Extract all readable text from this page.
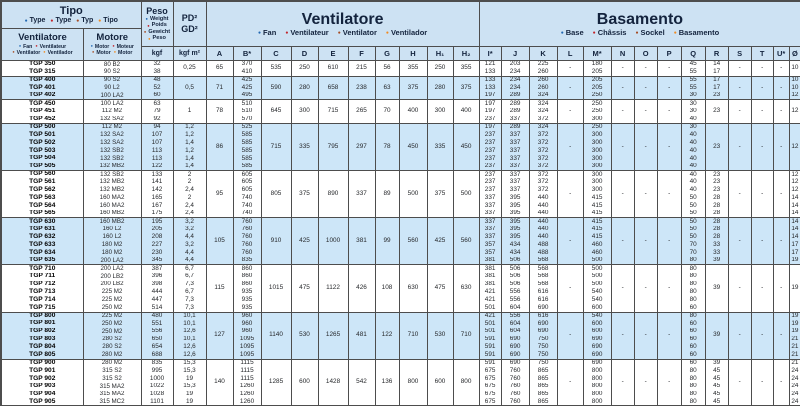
Tipo
● Type ● Type ● Typ ● Tipo
Ventilatore
● Fan ● Ventilateur
● Ventilator ● Ventilador
Motore
● Motor ● Moteur
● Motor ● Motor

Peso
● Weight
● Poids
● Gewicht
● Peso

PD²
GD²

Ventilatore
● Fan ● Ventilateur ● Ventilator ● Ventilador

Basamento
● Base ● Châssis ● Sockel ● Basamento

		kgf	kgf m²	A	B*	C	D	E	F	G	H	H₁	H₂	I*	J	K	L	M*	N	O	P	Q	R	S	T	U*	Ø
TGP 350	80 B2	32	0,25	65	370	535	250	610	215	56	355	250	355	121	203	225	-	180	-	-	-	45	14	-	-	-	10
TGP 315	90 S2	38			410									133	234	260		205				55	17				
TGP 400	90 S2	48	0,5	71	425	590	280	658	238	63	375	280	375	133	234	260	-	205	-	-	-	55	17	-	-	-	10
TGP 401	90 L2	52			425									133	234	260		205				55	17				10
TGP 402	100 LA2	60			495									197	289	324		250				30	23				12
TGP 450	100 LA2	63	1	78	510	645	300	715	265	70	400	300	400	197	289	324	-	250	-	-	-	30	23	-	-	-	12
TGP 451	112 M2	79			510									197	289	324		250				30					
TGP 452	132 SA2	92			570									237	337	372		300				40					
TGP 500	112 M2	94	1,2	86	525	715	335	795	297	78	450	335	450	197	289	324	-	250	-	-	-	30	23	-	-	-	12
TGP 501	132 SA2	107	1,2		585									237	337	372		300				40					
TGP 502	132 SA2	107	1,4		585									237	337	372		300				40					
TGP 503	132 SB2	113	1,2		585									237	337	372		300				40					
TGP 504	132 SB2	113	1,4		585									237	337	372		300				40					
TGP 505	132 MB2	122	1,4		585									237	337	372		300				40					
TGP 560	132 SB2	133	2	95	605	805	375	890	337	89	500	375	500	237	337	372	-	300	-	-	-	40	23	-	-	-	12
TGP 561	132 MB2	141	2		605									237	337	372		300				40	23				12
TGP 562	132 MB2	142	2,4		605									237	337	372		300				40	23				12
TGP 563	160 MA2	165	2		740									337	395	440		415				50	28				14
TGP 564	160 MA2	167	2,4		740									337	395	440		415				50	28				14
TGP 565	160 MB2	175	2,4		740									337	395	440		415				50	28				14
TGP 630	160 MB2	195	3,2	105	760	910	425	1000	381	99	560	425	560	337	395	440	-	415	-	-	-	50	28	-	-	-	14
TGP 631	160 L2	205	3,2		760									337	395	440		415				50	28				14
TGP 632	160 L2	208	4,4		760									337	395	440		415				50	28				14
TGP 633	180 M2	227	3,2		760									357	434	488		460				70	33				17
TGP 634	180 M2	230	4,4		760									357	434	488		460				70	33				17
TGP 635	200 LA2	345	4,4		835									381	506	568		500				80	39				19
TGP 710	200 LA2	387	6,7	115	860	1015	475	1122	426	108	630	475	630	381	506	568	-	500	-	-	-	80	39	-	-	-	19
TGP 711	200 LB2	396	6,7		860									381	506	568		500				80					
TGP 712	200 LB2	398	7,3		860									381	506	568		500				80					
TGP 713	225 M2	444	6,7		935									421	556	616		540				80					
TGP 714	225 M2	447	7,3		935									421	556	616		540				80					
TGP 715	250 M2	514	7,3		935									501	604	690		600				60					
TGP 800	225 M2	480	10,1	127	960	1140	530	1265	481	122	710	530	710	421	556	616	-	540	-	-	-	80	39	-	-	-	19
TGP 801	250 M2	551	10,1		960									501	604	690		600				60					19
TGP 802	250 M2	556	12,6		960									501	604	690		600				60					19
TGP 803	280 S2	650	10,1		1095									591	690	750		690				60					21
TGP 804	280 S2	654	12,6		1095									591	690	750		690				60					21
TGP 805	280 M2	688	12,6		1095									591	690	750		690				60					21
TGP 900	280 M2	835	15,3	140	1115	1285	600	1428	542	136	800	600	800	591	690	750	-	690	-	-	-	60	39	-	-	-	21
TGP 901	315 S2	995	15,3		1115									675	760	865		800				80	45				24
TGP 902	315 S2	1000	19		1115									675	760	865		800				80	45				24
TGP 903	315 MA2	1022	15,3		1260									675	760	865		800				80	45				24
TGP 904	315 MA2	1028	19		1260									675	760	865		800				80	45				24
TGP 905	315 MC2	1101	19		1260									675	760	865		800				80	45				24
